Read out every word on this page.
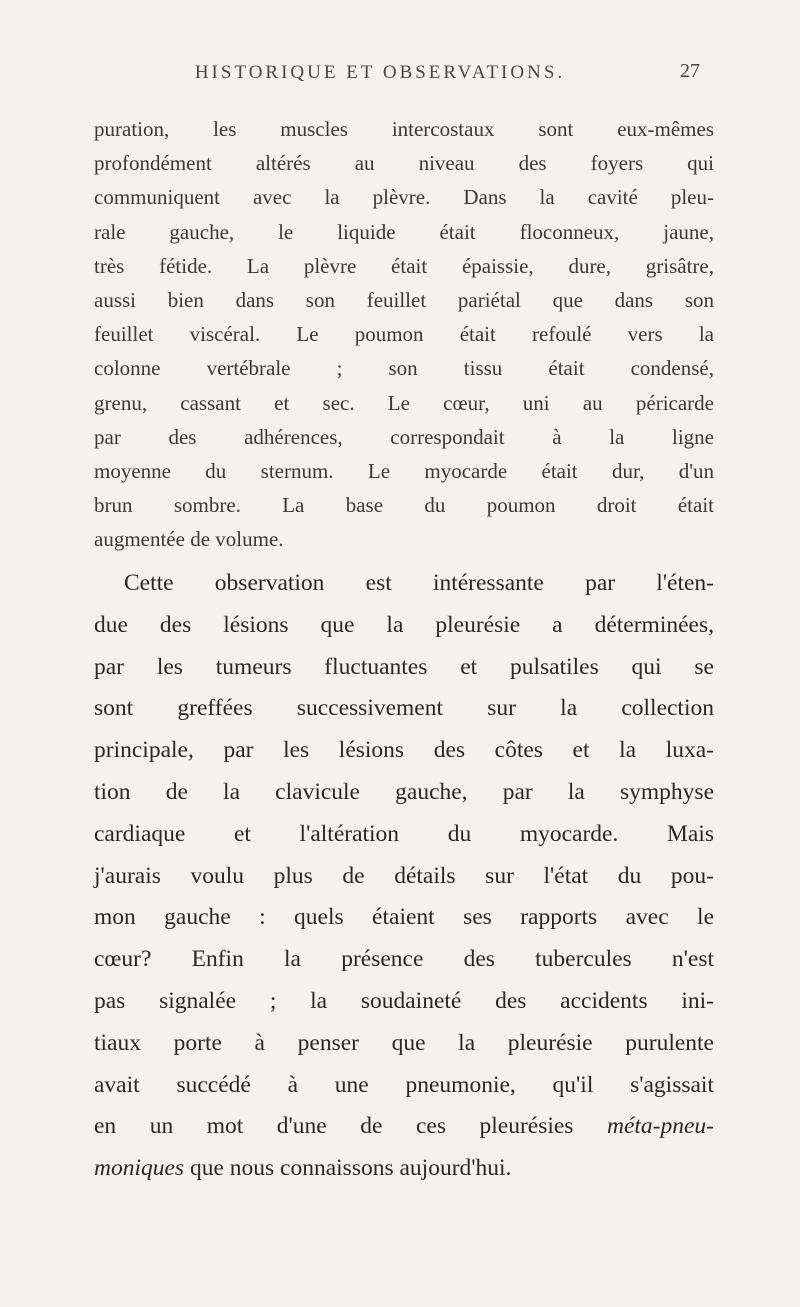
HISTORIQUE ET OBSERVATIONS.	27

puration, les muscles intercostaux sont eux-mêmes
profondément altérés au niveau des foyers qui
communiquent avec la plèvre. Dans la cavité pleu-
rale gauche, le liquide était floconneux, jaune,
très fétide. La plèvre était épaissie, dure, grisâtre,
aussi bien dans son feuillet pariétal que dans son
feuillet viscéral. Le poumon était refoulé vers la
colonne vertébrale ; son tissu était condensé,
grenu, cassant et sec. Le cœur, uni au péricarde
par des adhérences, correspondait à la ligne
moyenne du sternum. Le myocarde était dur, d'un
brun sombre. La base du poumon droit était
augmentée de volume.

Cette observation est intéressante par l'éten-
due des lésions que la pleurésie a déterminées,
par les tumeurs fluctuantes et pulsatiles qui se
sont greffées successivement sur la collection
principale, par les lésions des côtes et la luxa-
tion de la clavicule gauche, par la symphyse
cardiaque et l'altération du myocarde. Mais
j'aurais voulu plus de détails sur l'état du pou-
mon gauche : quels étaient ses rapports avec le
cœur? Enfin la présence des tubercules n'est
pas signalée ; la soudaineté des accidents ini-
tiaux porte à penser que la pleurésie purulente
avait succédé à une pneumonie, qu'il s'agissait
en un mot d'une de ces pleurésies méta-pneu-
moniques que nous connaissons aujourd'hui.
